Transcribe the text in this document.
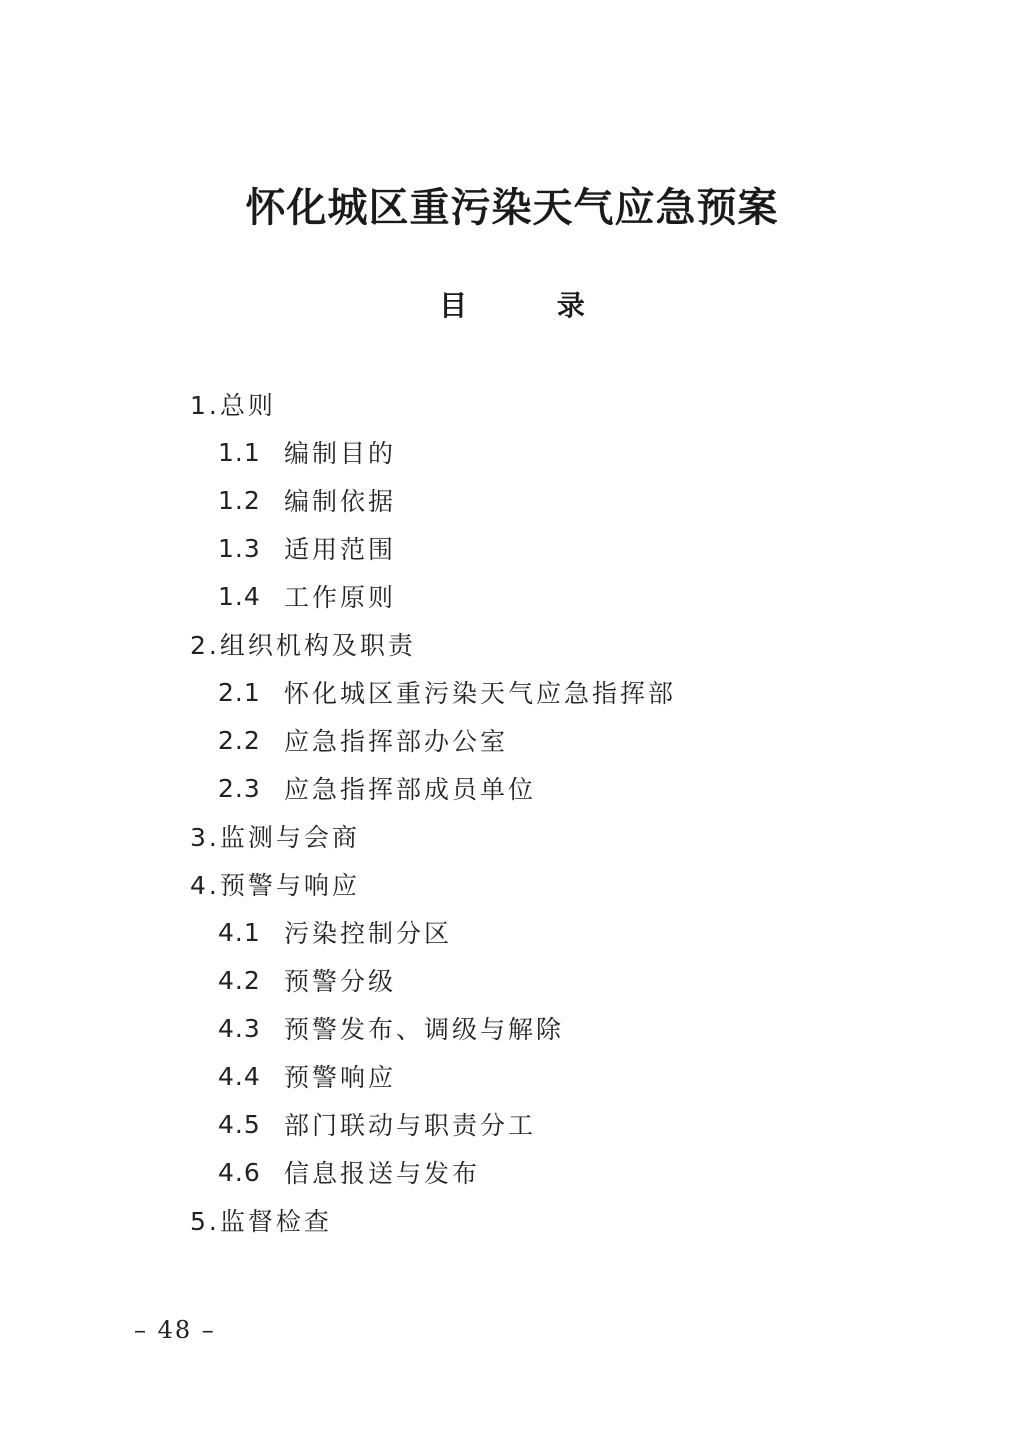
怀化城区重污染天气应急预案
目 录
1.总则
1.1 编制目的
1.2 编制依据
1.3 适用范围
1.4 工作原则
2.组织机构及职责
2.1 怀化城区重污染天气应急指挥部
2.2 应急指挥部办公室
2.3 应急指挥部成员单位
3.监测与会商
4.预警与响应
4.1 污染控制分区
4.2 预警分级
4.3 预警发布、调级与解除
4.4 预警响应
4.5 部门联动与职责分工
4.6 信息报送与发布
5.监督检查
– 48 –
